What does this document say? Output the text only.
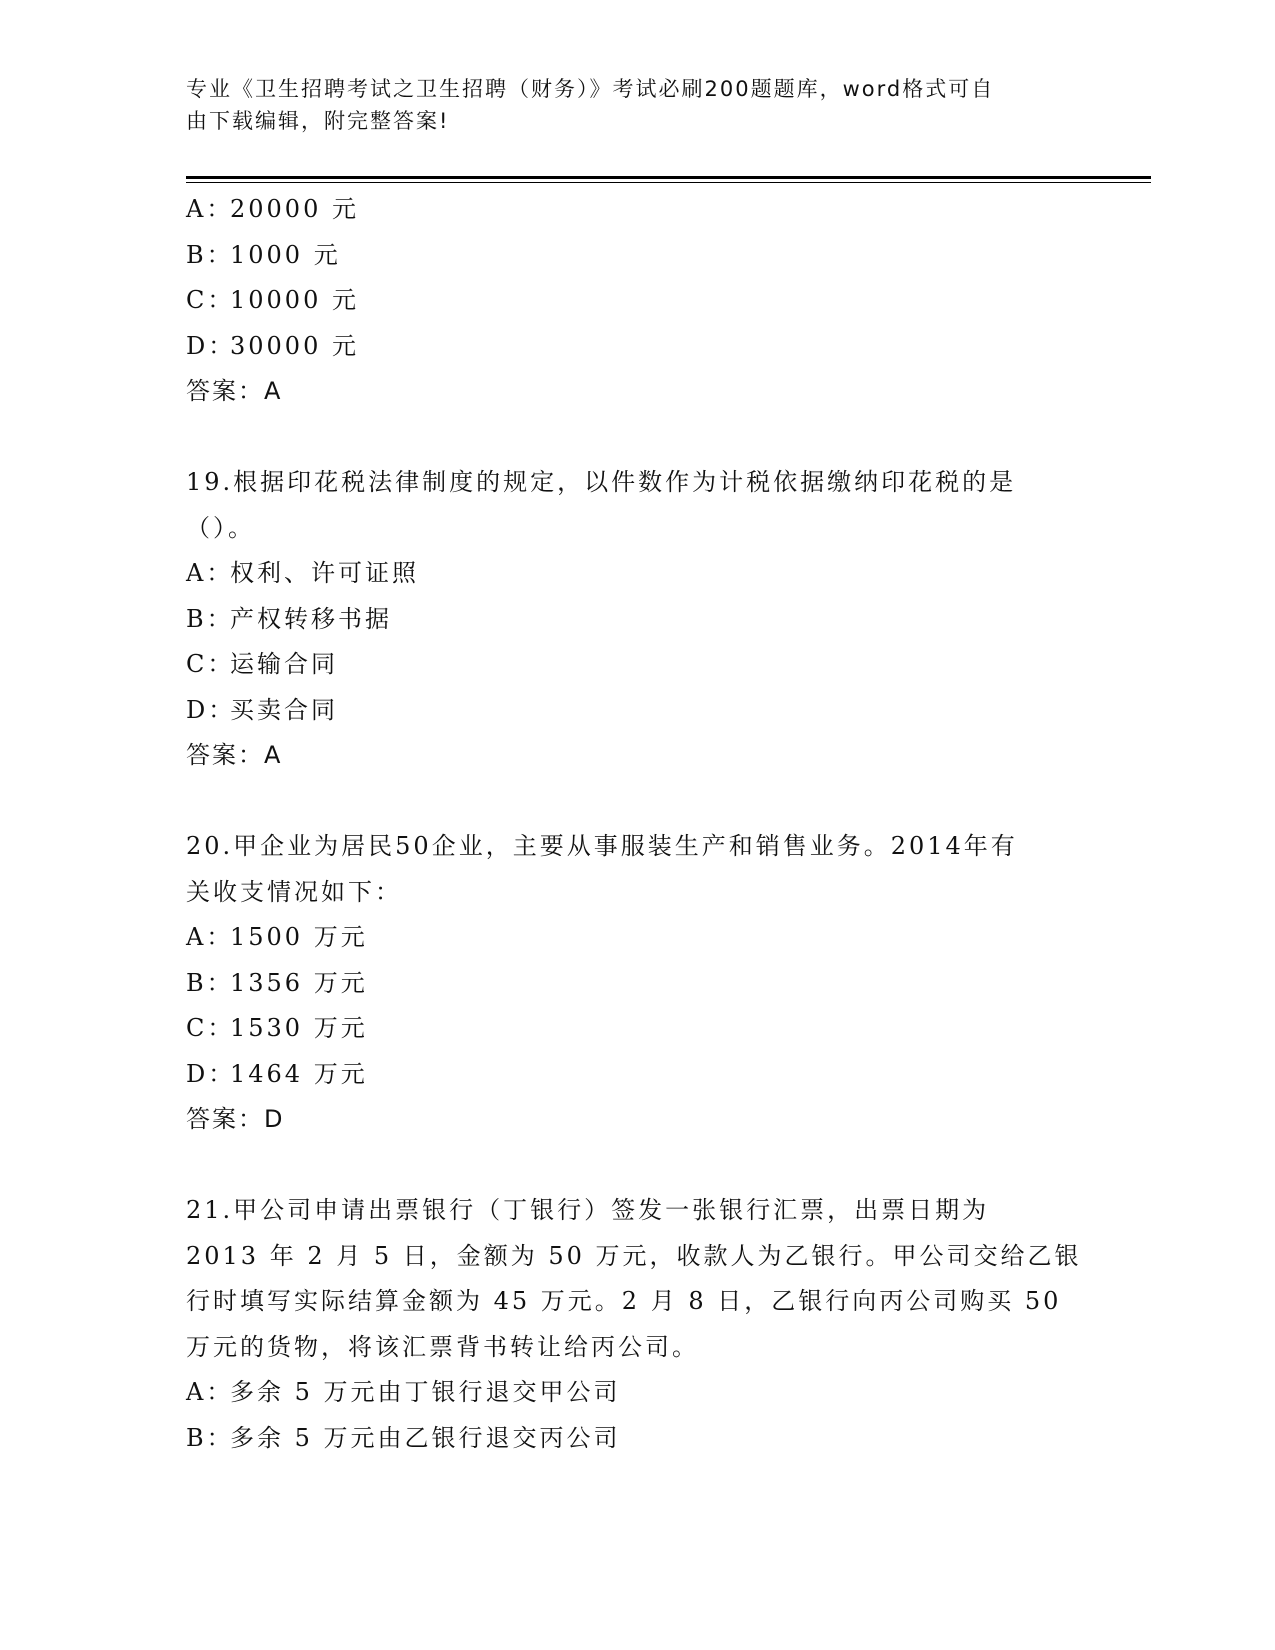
专业《卫生招聘考试之卫生招聘（财务）》考试必刷200题题库，word格式可自
由下载编辑，附完整答案!
A：20000 元
B：1000 元
C：10000 元
D：30000 元
答案：A
19.根据印花税法律制度的规定，以件数作为计税依据缴纳印花税的是
（）。
A：权利、许可证照
B：产权转移书据
C：运输合同
D：买卖合同
答案：A
20.甲企业为居民50企业，主要从事服装生产和销售业务。2014年有
关收支情况如下：
A：1500 万元
B：1356 万元
C：1530 万元
D：1464 万元
答案：D
21.甲公司申请出票银行（丁银行）签发一张银行汇票，出票日期为
2013 年 2 月 5 日，金额为 50 万元，收款人为乙银行。甲公司交给乙银
行时填写实际结算金额为 45 万元。2 月 8 日，乙银行向丙公司购买 50
万元的货物，将该汇票背书转让给丙公司。
A：多余 5 万元由丁银行退交甲公司
B：多余 5 万元由乙银行退交丙公司
